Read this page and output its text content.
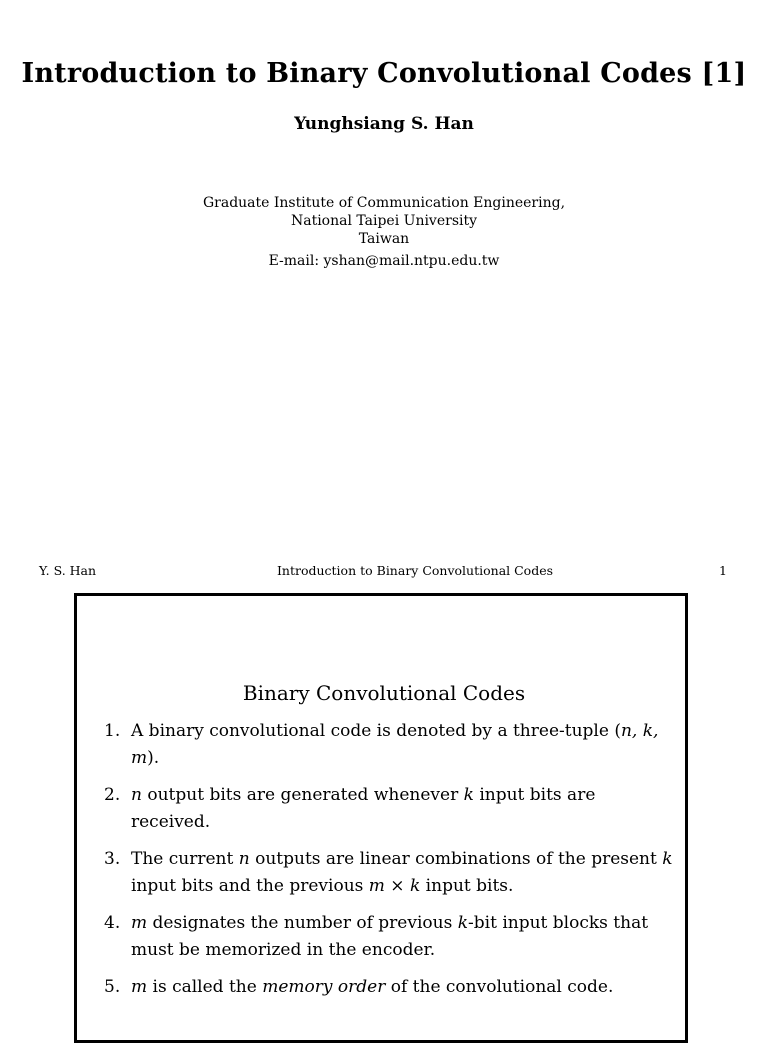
Introduction to Binary Convolutional Codes [1]
Yunghsiang S. Han
Graduate Institute of Communication Engineering,
National Taipei University
Taiwan
E-mail: yshan@mail.ntpu.edu.tw
Y. S. Han	Introduction to Binary Convolutional Codes	1
Binary Convolutional Codes
1. A binary convolutional code is denoted by a three-tuple (n, k, m).
2. n output bits are generated whenever k input bits are received.
3. The current n outputs are linear combinations of the present k input bits and the previous m × k input bits.
4. m designates the number of previous k-bit input blocks that must be memorized in the encoder.
5. m is called the memory order of the convolutional code.
